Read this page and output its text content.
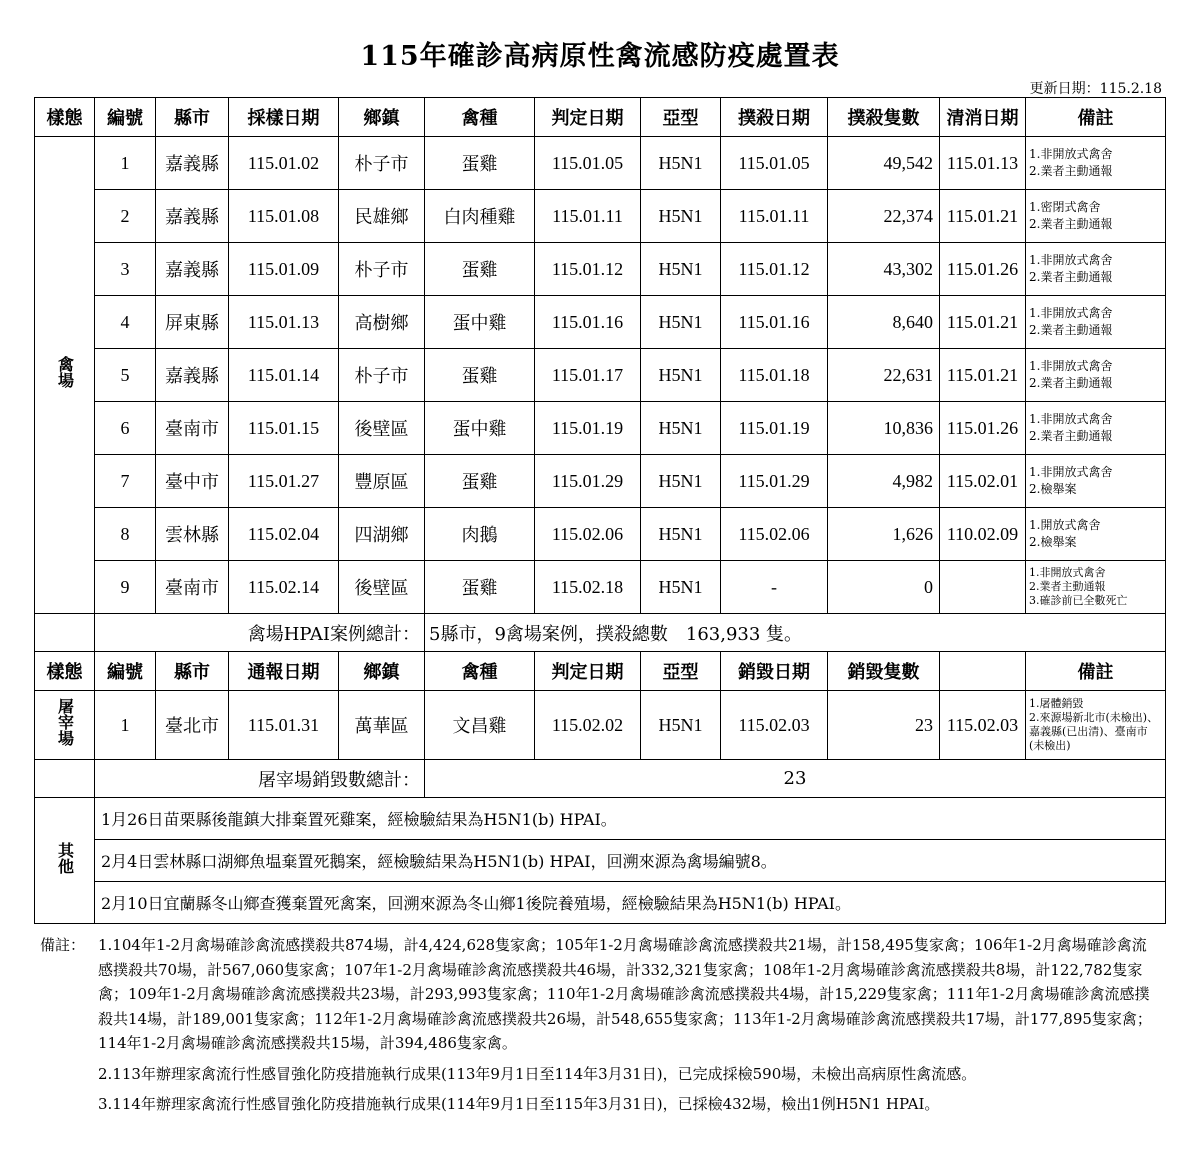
115年確診高病原性禽流感防疫處置表
更新日期：115.2.18
樣態	編號	縣市	採樣日期	鄉鎮	禽種	判定日期	亞型	撲殺日期	撲殺隻數	清消日期	備註
禽場	1	嘉義縣	115.01.02	朴子市	蛋雞	115.01.05	H5N1	115.01.05	49,542	115.01.13	1.非開放式禽舍
2.業者主動通報

	2	嘉義縣	115.01.08	民雄鄉	白肉種雞	115.01.11	H5N1	115.01.11	22,374	115.01.21	1.密閉式禽舍
2.業者主動通報

	3	嘉義縣	115.01.09	朴子市	蛋雞	115.01.12	H5N1	115.01.12	43,302	115.01.26	1.非開放式禽舍
2.業者主動通報

	4	屏東縣	115.01.13	高樹鄉	蛋中雞	115.01.16	H5N1	115.01.16	8,640	115.01.21	1.非開放式禽舍
2.業者主動通報

	5	嘉義縣	115.01.14	朴子市	蛋雞	115.01.17	H5N1	115.01.18	22,631	115.01.21	1.非開放式禽舍
2.業者主動通報

	6	臺南市	115.01.15	後壁區	蛋中雞	115.01.19	H5N1	115.01.19	10,836	115.01.26	1.非開放式禽舍
2.業者主動通報

	7	臺中市	115.01.27	豐原區	蛋雞	115.01.29	H5N1	115.01.29	4,982	115.02.01	1.非開放式禽舍
2.檢舉案

	8	雲林縣	115.02.04	四湖鄉	肉鵝	115.02.06	H5N1	115.02.06	1,626	110.02.09	1.開放式禽舍
2.檢舉案

	9	臺南市	115.02.14	後壁區	蛋雞	115.02.18	H5N1	-	0		1.非開放式禽舍
2.業者主動通報
3.確診前已全數死亡

	禽場HPAI案例總計：				5縣市，9禽場案例，撲殺總數　163,933 隻。						
樣態	編號	縣市	通報日期	鄉鎮	禽種	判定日期	亞型	銷毀日期	銷毀隻數		備註
屠宰場	1	臺北市	115.01.31	萬華區	文昌雞	115.02.02	H5N1	115.02.03	23	115.02.03	1.屠體銷毀
2.來源場新北市(未檢出)、嘉義縣(已出清)、臺南市(未檢出)

	屠宰場銷毀數總計：				23						
其他	1月26日苗栗縣後龍鎮大排棄置死雞案，經檢驗結果為H5N1(b) HPAI。										
	2月4日雲林縣口湖鄉魚塭棄置死鵝案，經檢驗結果為H5N1(b) HPAI，回溯來源為禽場編號8。										
	2月10日宜蘭縣冬山鄉查獲棄置死禽案，回溯來源為冬山鄉1後院養殖場，經檢驗結果為H5N1(b) HPAI。										
備註： 1.104年1-2月禽場確診禽流感撲殺共874場，計4,424,628隻家禽；105年1-2月禽場確診禽流感撲殺共21場，計158,495隻家禽；106年1-2月禽場確診禽流感撲殺共70場，計567,060隻家禽；107年1-2月禽場確診禽流感撲殺共46場，計332,321隻家禽；108年1-2月禽場確診禽流感撲殺共8場，計122,782隻家禽；109年1-2月禽場確診禽流感撲殺共23場，計293,993隻家禽；110年1-2月禽場確診禽流感撲殺共4場，計15,229隻家禽；111年1-2月禽場確診禽流感撲殺共14場，計189,001隻家禽；112年1-2月禽場確診禽流感撲殺共26場，計548,655隻家禽；113年1-2月禽場確診禽流感撲殺共17場，計177,895隻家禽；114年1-2月禽場確診禽流感撲殺共15場，計394,486隻家禽。
2.113年辦理家禽流行性感冒強化防疫措施執行成果(113年9月1日至114年3月31日)，已完成採檢590場，未檢出高病原性禽流感。
3.114年辦理家禽流行性感冒強化防疫措施執行成果(114年9月1日至115年3月31日)，已採檢432場，檢出1例H5N1 HPAI。
